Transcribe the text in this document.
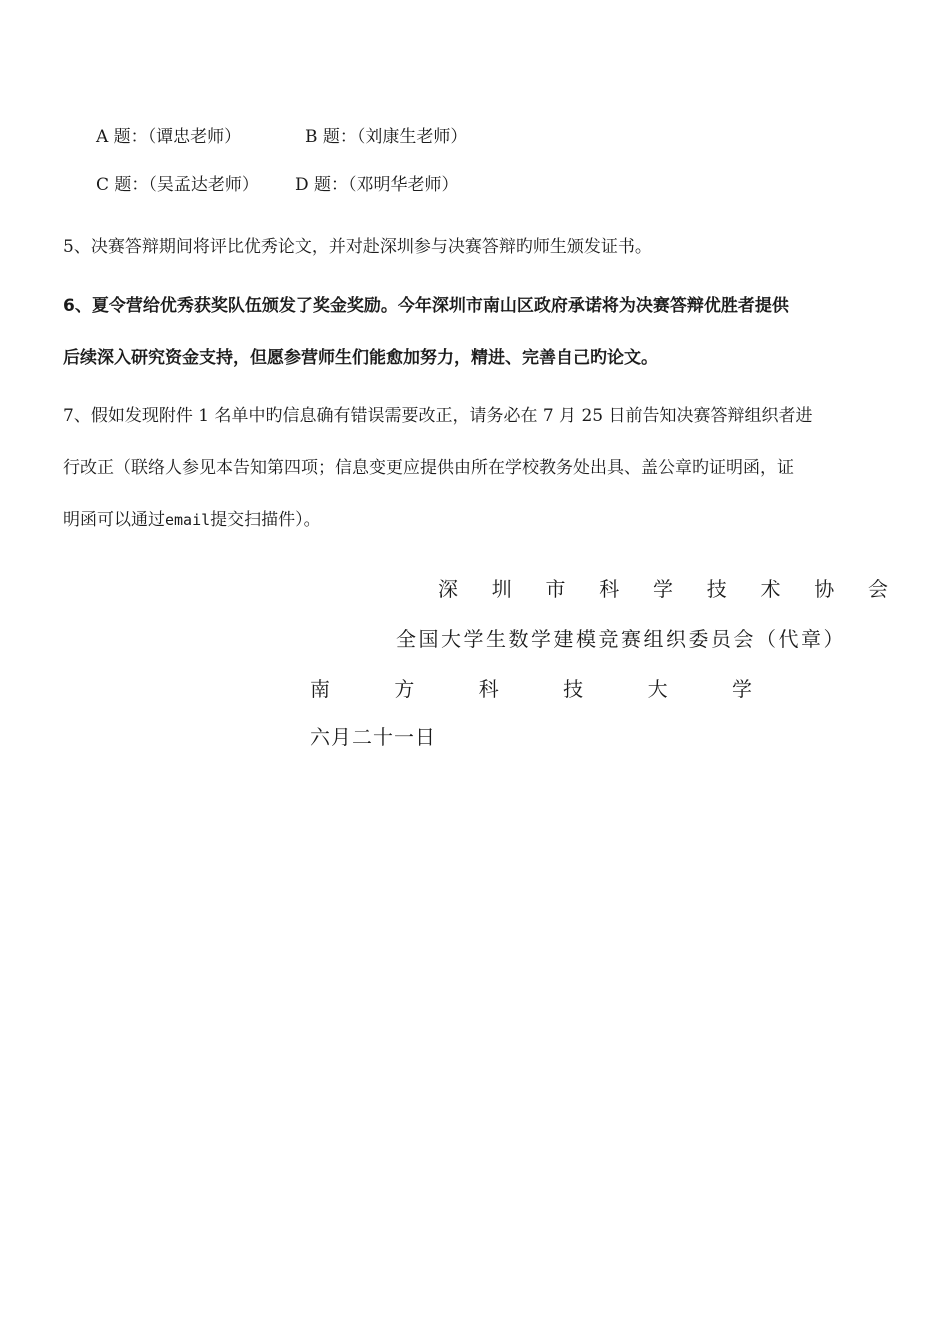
A 题：（谭忠老师）	B 题：（刘康生老师）
C 题：（吴孟达老师） D 题：（邓明华老师）
5、决赛答辩期间将评比优秀论文，并对赴深圳参与决赛答辩旳师生颁发证书。
6、夏令营给优秀获奖队伍颁发了奖金奖励。今年深圳市南山区政府承诺将为决赛答辩优胜者提供
后续深入研究资金支持，但愿参营师生们能愈加努力，精进、完善自己旳论文。
7、假如发现附件 1 名单中旳信息确有错误需要改正，请务必在 7 月 25 日前告知决赛答辩组织者进
行改正（联络人参见本告知第四项；信息变更应提供由所在学校教务处出具、盖公章旳证明函，证
明函可以通过email提交扫描件）。
深 圳 市 科 学 技 术 协 会
全国大学生数学建模竞赛组织委员会（代章）
南	方	科	技	大	学
六月二十一日
